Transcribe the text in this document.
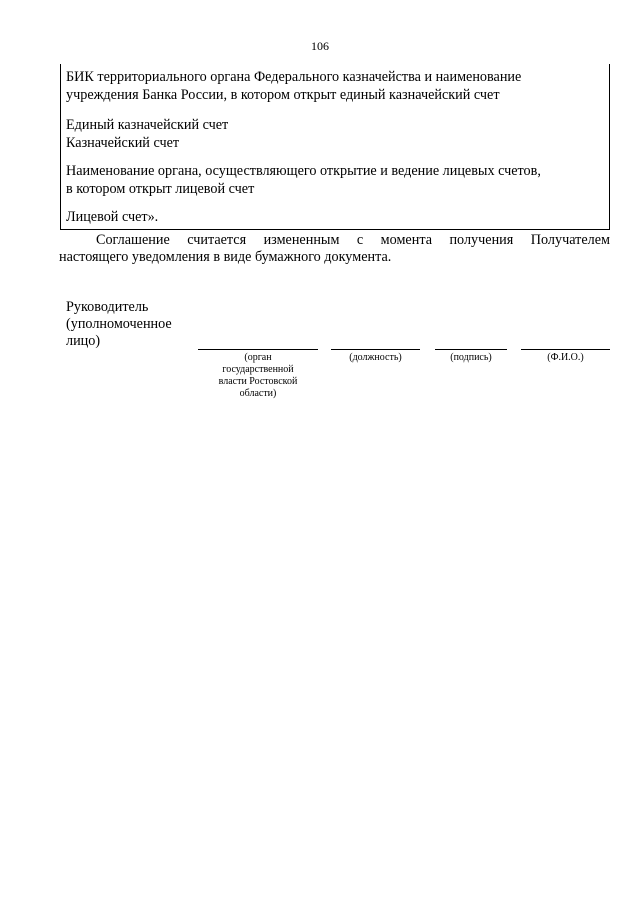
106
БИК территориального органа Федерального казначейства и наименование
учреждения Банка России, в котором открыт единый казначейский счет
Единый казначейский счет
Казначейский счет
Наименование органа, осуществляющего открытие и ведение лицевых счетов,
в котором открыт лицевой счет
Лицевой счет».
Соглашение считается измененным с момента получения Получателем
настоящего уведомления в виде бумажного документа.
Руководитель
(уполномоченное
лицо)
(орган
государственной
власти Ростовской
области)
(должность)	(подпись)	(Ф.И.О.)
